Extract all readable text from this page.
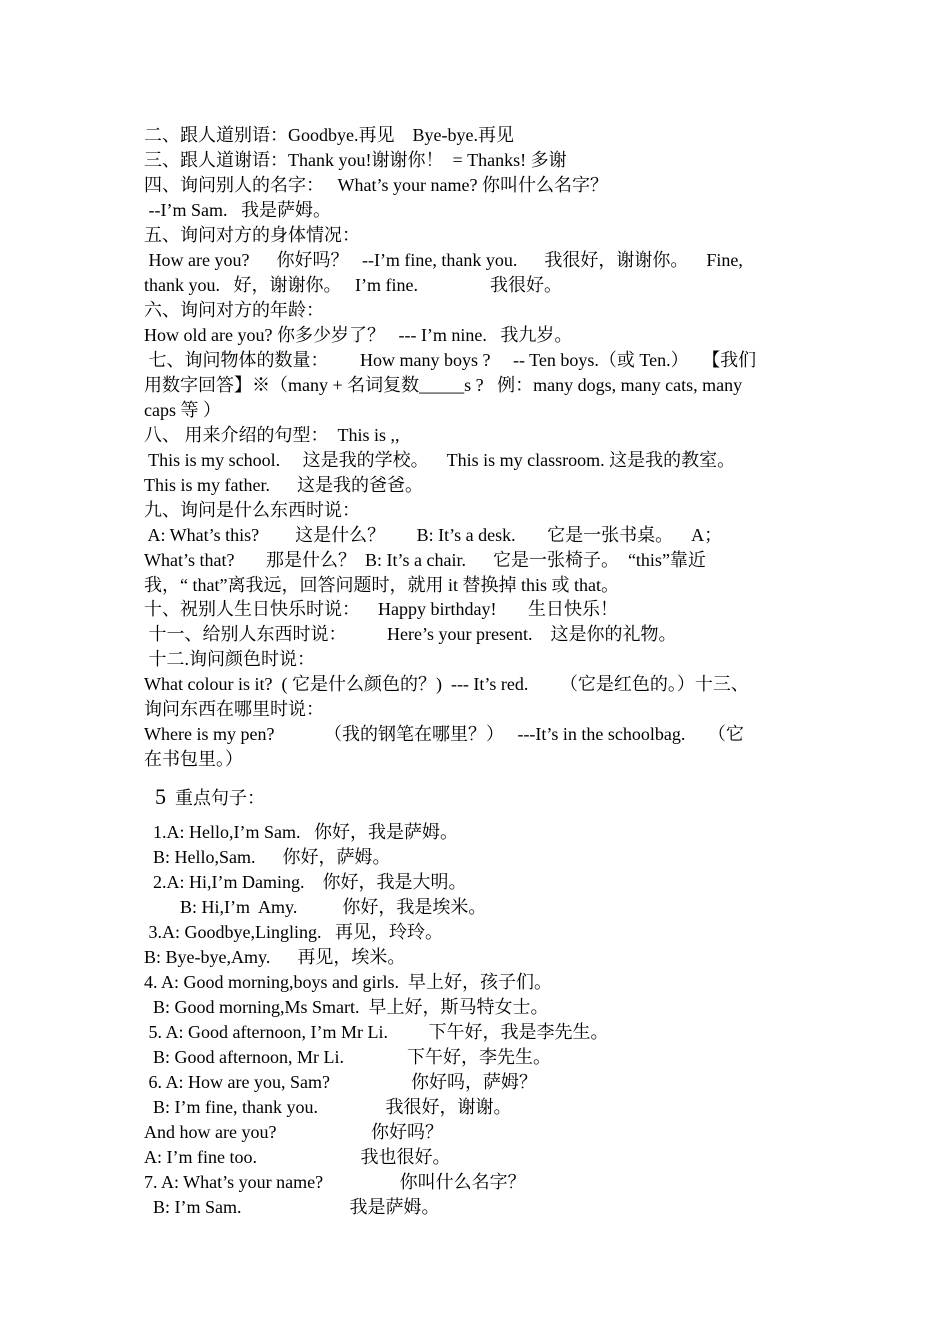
二、跟人道别语：Goodbye.再见    Bye-bye.再见
三、跟人道谢语：Thank you!谢谢你！  = Thanks! 多谢
四、询问别人的名字：   What’s your name? 你叫什么名字？
--I’m Sam.   我是萨姆。
五、询问对方的身体情况：
How are you?      你好吗？   --I’m fine, thank you.      我很好，谢谢你。    Fine,
thank you.   好，谢谢你。   I’m fine.                我很好。
六、询问对方的年龄：
How old are you? 你多少岁了？   --- I’m nine.   我九岁。
七、询问物体的数量：       How many boys ?     -- Ten boys.（或 Ten.）   【我们
用数字回答】※（many + 名词复数_____s ?   例：many dogs, many cats, many
caps 等 ）
八、 用来介绍的句型：  This is ,,
This is my school.     这是我的学校。    This is my classroom. 这是我的教室。
This is my father.      这是我的爸爸。
九、询问是什么东西时说：
A: What’s this?        这是什么？       B: It’s a desk.       它是一张书桌。    A；
What’s that?       那是什么？  B: It’s a chair.      它是一张椅子。  “this”靠近
我，“ that”离我远，回答问题时，就用 it 替换掉 this 或 that。
十、祝别人生日快乐时说：    Happy birthday!       生日快乐！
十一、给别人东西时说：         Here’s your present.    这是你的礼物。
十二.询问颜色时说：
What colour is it?  ( 它是什么颜色的？)  --- It’s red.       （它是红色的。）十三、
询问东西在哪里时说：
Where is my pen?           （我的钢笔在哪里？）   ---It’s in the schoolbag.     （它
在书包里。）
5 重点句子：
1.A: Hello,I’m Sam.   你好，我是萨姆。
B: Hello,Sam.      你好，萨姆。
2.A: Hi,I’m Daming.    你好，我是大明。
B: Hi,I’m  Amy.          你好，我是埃米。
3.A: Goodbye,Lingling.   再见，玲玲。
B: Bye-bye,Amy.      再见，埃米。
4. A: Good morning,boys and girls.  早上好，孩子们。
B: Good morning,Ms Smart.  早上好，斯马特女士。
5. A: Good afternoon, I’m Mr Li.         下午好，我是李先生。
B: Good afternoon, Mr Li.              下午好，李先生。
6. A: How are you, Sam?                  你好吗，萨姆？
B: I’m fine, thank you.               我很好，谢谢。
And how are you?                     你好吗？
A: I’m fine too.                       我也很好。
7. A: What’s your name?                 你叫什么名字？
B: I’m Sam.                        我是萨姆。
